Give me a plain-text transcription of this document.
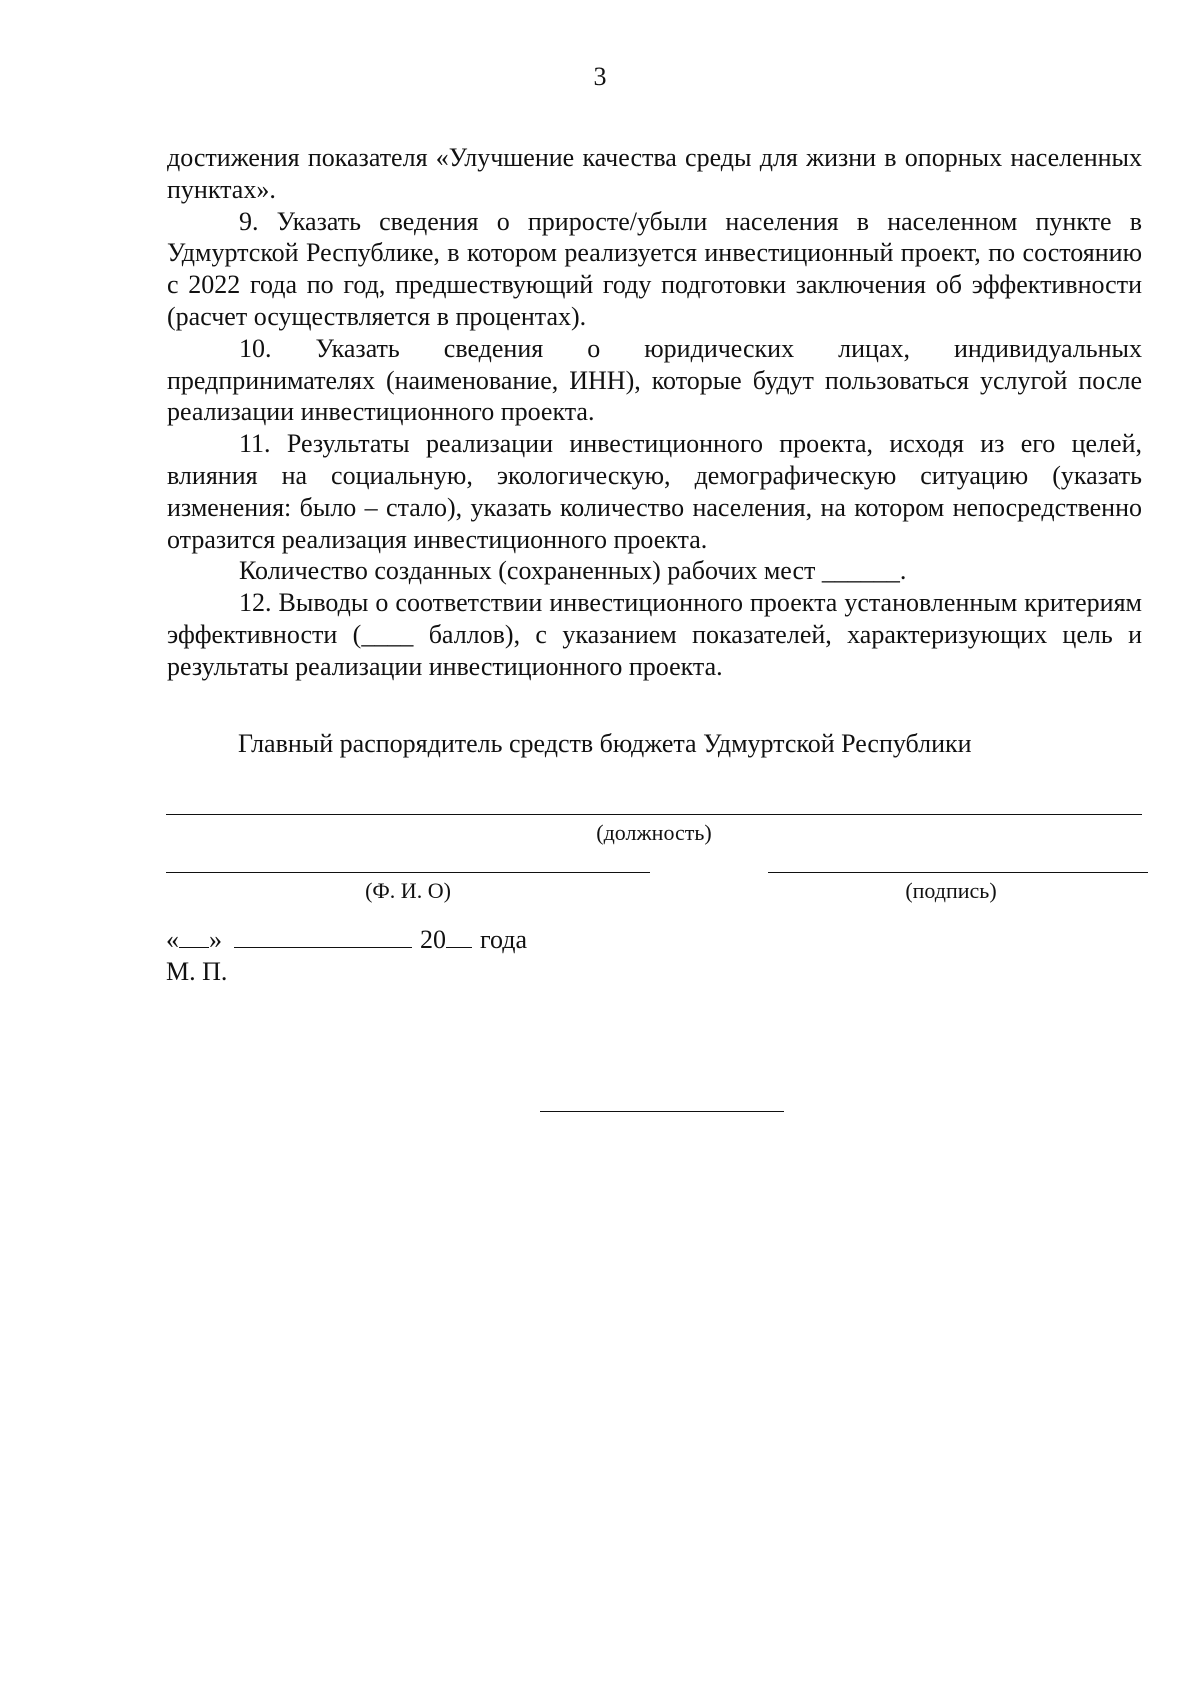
3

достижения показателя «Улучшение качества среды для жизни в опорных населенных пунктах».

9. Указать сведения о приросте/убыли населения в населенном пункте в Удмуртской Республике, в котором реализуется инвестиционный проект, по состоянию с 2022 года по год, предшествующий году подготовки заключения об эффективности (расчет осуществляется в процентах).

10. Указать сведения о юридических лицах, индивидуальных

предпринимателях (наименование, ИНН), которые будут пользоваться услугой после реализации инвестиционного проекта.

11. Результаты реализации инвестиционного проекта, исходя из его целей, влияния на социальную, экологическую, демографическую ситуацию (указать изменения: было – стало), указать количество населения, на котором непосредственно отразится реализация инвестиционного проекта.

Количество созданных (сохраненных) рабочих мест ______.

12. Выводы о соответствии инвестиционного проекта установленным критериям эффективности (____ баллов), с указанием показателей, характеризующих цель и результаты реализации инвестиционного проекта.

Главный распорядитель средств бюджета Удмуртской Республики
(должность)
(Ф. И. О)	(подпись)
« »	20 года
М. П.
